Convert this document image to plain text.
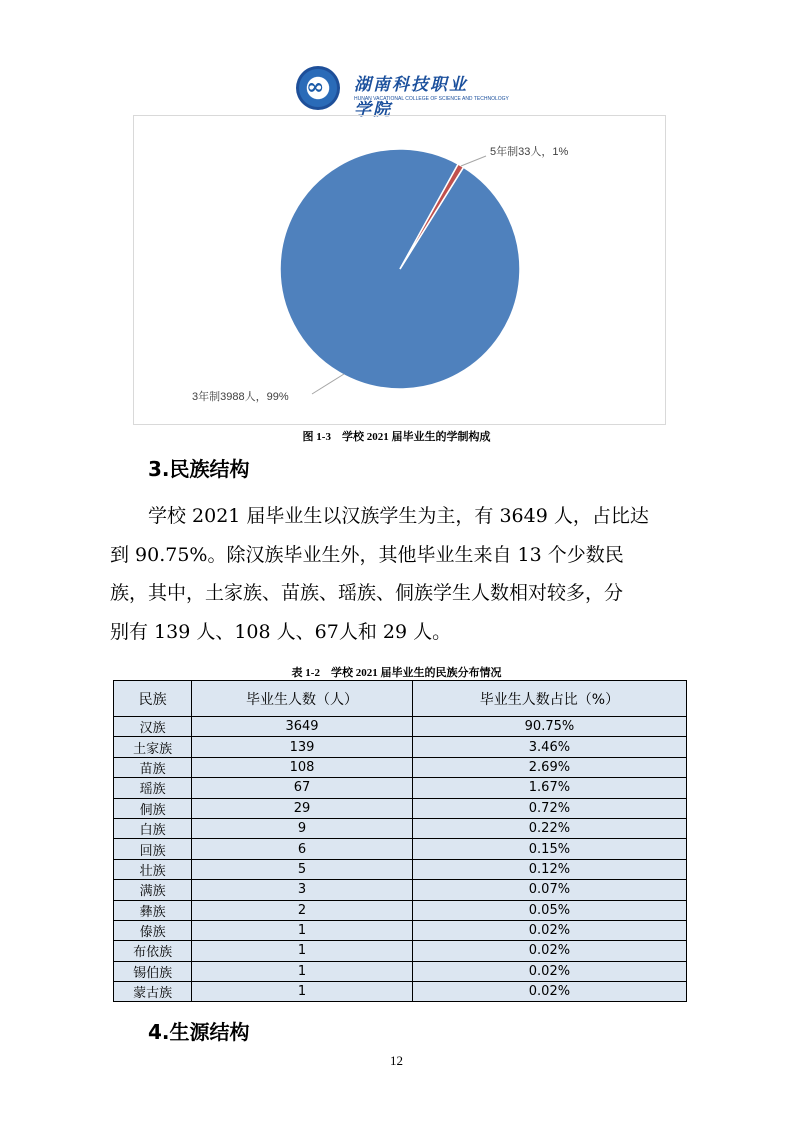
∞ 湖南科技职业学院
HUNAN VACATIONAL COLLEGE OF SCIENCE AND TECHNOLOGY
5年制33人，1%
3年制3988人，99%
图 1-3　学校 2021 届毕业生的学制构成
3.民族结构
学校 2021 届毕业生以汉族学生为主，有 3649 人，占比达
到 90.75%。除汉族毕业生外，其他毕业生来自 13 个少数民
族，其中，土家族、苗族、瑶族、侗族学生人数相对较多，分
别有 139 人、108 人、67人和 29 人。
表 1-2　学校 2021 届毕业生的民族分布情况
民族	毕业生人数（人）	毕业生人数占比（%）
汉族	3649	90.75%
土家族	139	3.46%
苗族	108	2.69%
瑶族	67	1.67%
侗族	29	0.72%
白族	9	0.22%
回族	6	0.15%
壮族	5	0.12%
满族	3	0.07%
彝族	2	0.05%
傣族	1	0.02%
布依族	1	0.02%
锡伯族	1	0.02%
蒙古族	1	0.02%
4.生源结构
12
